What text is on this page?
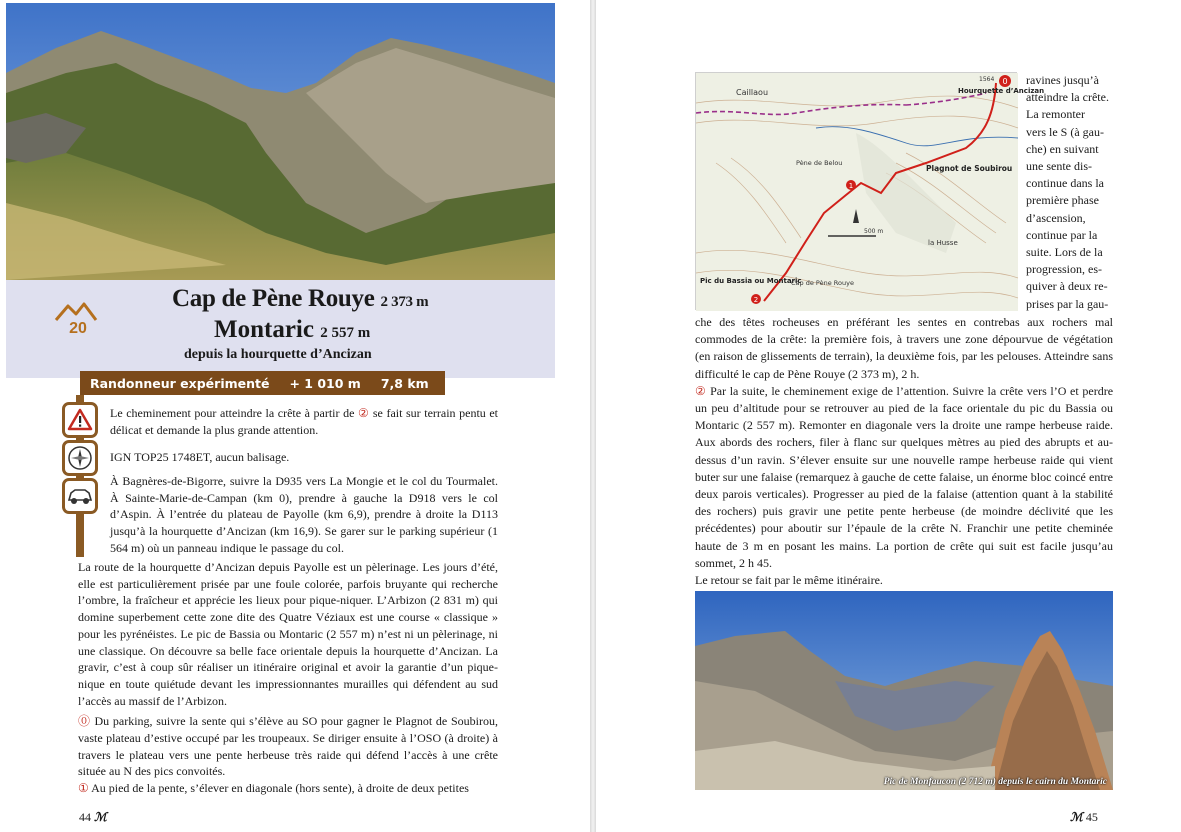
20
Cap de Pène Rouye 2 373 m
Montaric 2 557 m
depuis la hourquette d’Ancizan
Randonneur expérimenté + 1 010 m 7,8 km 5 h
Le cheminement pour atteindre la crête à partir de ② se fait sur terrain pentu et délicat et demande la plus grande attention.
IGN TOP25 1748ET, aucun balisage.
À Bagnères-de-Bigorre, suivre la D935 vers La Mongie et le col du Tourmalet. À Sainte-Marie-de-Campan (km 0), prendre à gauche la D918 vers le col d’Aspin. À l’entrée du plateau de Payolle (km 6,9), prendre à droite la D113 jusqu’à la hourquette d’Ancizan (km 16,9). Se garer sur le parking supérieur (1 564 m) où un panneau indique le passage du col.

La route de la hourquette d’Ancizan depuis Payolle est un pèlerinage. Les jours d’été, elle est particulièrement prisée par une foule colorée, parfois bruyante qui recherche l’ombre, la fraîcheur et apprécie les lieux pour pique-niquer. L’Arbizon (2 831 m) qui domine superbement cette zone dite des Quatre Véziaux est une course « classique » pour les pyrénéistes. Le pic de Bassia ou Montaric (2 557 m) n’est ni un pèlerinage, ni une classique. On découvre sa belle face orientale depuis la hourquette d’Ancizan. La gravir, c’est à coup sûr réaliser un itinéraire original et avoir la garantie d’un pique-nique en toute quiétude devant les impressionnantes murailles qui défendent au sud l’accès au massif de l’Arbizon.

⓪ Du parking, suivre la sente qui s’élève au SO pour gagner le Plagnot de Soubirou, vaste plateau d’estive occupé par les troupeaux. Se diriger ensuite à l’OSO (à droite) à travers le plateau vers une pente herbeuse très raide qui défend l’accès à une crête située au N des pics convoités.

① Au pied de la pente, s’élever en diagonale (hors sente), à droite de deux petites

44 ℳ
0
1
2
Caillaou	Hourquette d’Ancizan
1564
Plagnot de Soubirou
Pène de Belou
Pic du Bassia ou Montaric
Cap de Pène Rouye
la Husse
500 m
ravines jusqu’à
atteindre la crête.
La remonter
vers le S (à gau-
che) en suivant
une sente dis-
continue dans la
première phase
d’ascension,
continue par la
suite. Lors de la
progression, es-
quiver à deux re-
prises par la gau-

che des têtes rocheuses en préférant les sentes en contrebas aux rochers mal commodes de la crête: la première fois, à travers une zone dépourvue de végétation (en raison de glissements de terrain), la deuxième fois, par les pelouses. Atteindre sans difficulté le cap de Pène Rouye (2 373 m), 2 h.

② Par la suite, le cheminement exige de l’attention. Suivre la crête vers l’O et perdre un peu d’altitude pour se retrouver au pied de la face orientale du pic du Bassia ou Montaric (2 557 m). Remonter en diagonale vers la droite une rampe herbeuse raide. Aux abords des rochers, filer à flanc sur quelques mètres au pied des abrupts et au-dessus d’un ravin. S’élever ensuite sur une nouvelle rampe herbeuse raide qui vient buter sur une falaise (remarquez à gauche de cette falaise, un énorme bloc coincé entre deux parois verticales). Progresser au pied de la falaise (attention quant à la stabilité des rochers) puis gravir une petite pente herbeuse (de moindre déclivité que les précédentes) pour aboutir sur l’épaule de la crête N. Franchir une petite cheminée haute de 3 m en posant les mains. La portion de crête qui suit est facile jusqu’au sommet, 2 h 45.

Le retour se fait par le même itinéraire.

Pic de Monfaucon (2 712 m) depuis le cairn du Montaric
ℳ 45
